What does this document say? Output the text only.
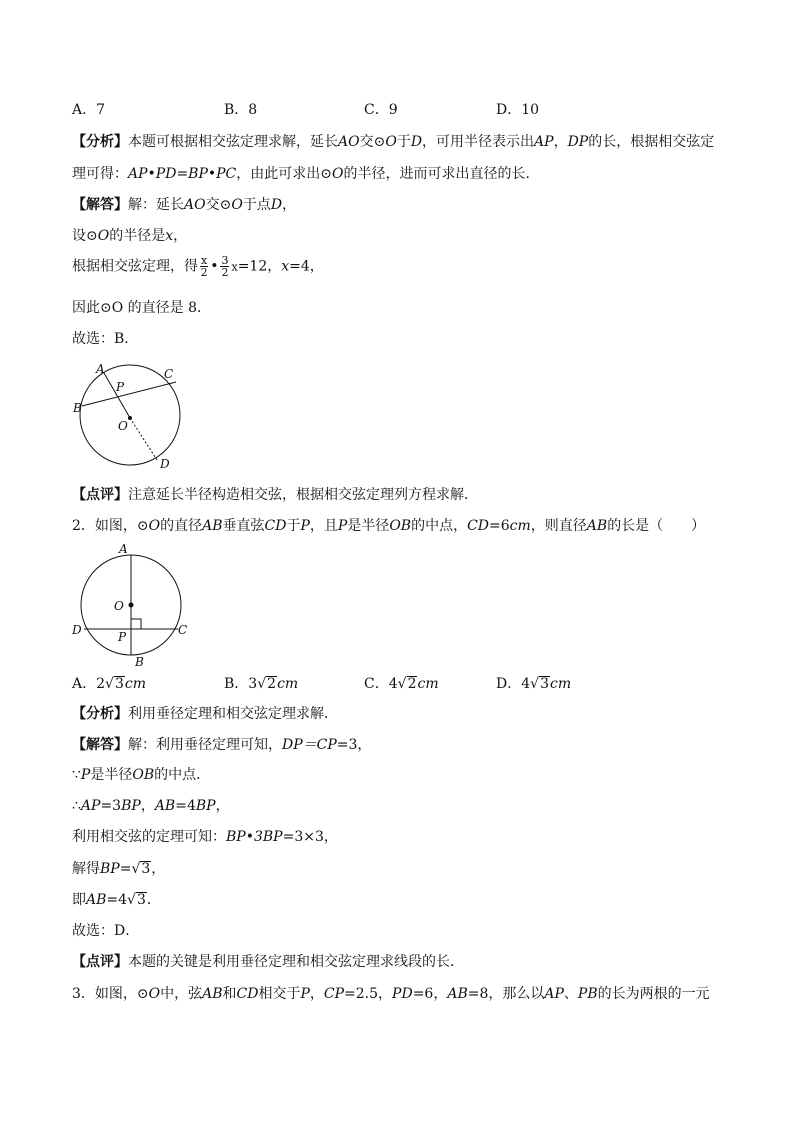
A．7	B．8	C．9	D．10
【分析】本题可根据相交弦定理求解，延长AO交⊙O于D，可用半径表示出AP，DP的长，根据相交弦定
理可得：AP•PD=BP•PC，由此可求出⊙O的半径，进而可求出直径的长．
【解答】解：延长AO交⊙O于点D，
设⊙O的半径是x，
根据相交弦定理，得 $\frac{x}{2}$ • $\frac{3}{2} x=12$，x=4，
因此⊙O 的直径是 8．
故选：B．
A
B
C
D
O
P
【点评】注意延长半径构造相交弦，根据相交弦定理列方程求解．
2．如图，⊙O的直径AB垂直弦CD于P，且P是半径OB的中点，CD=6cm，则直径AB的长是（　　）
A
B
C
D
O
P
A．2√3cm	B．3√2cm	C．4√2cm	D．4√3cm
【分析】利用垂径定理和相交弦定理求解．
【解答】解：利用垂径定理可知，DP＝CP=3，
∵P是半径OB的中点．
∴AP=3BP，AB=4BP，
利用相交弦的定理可知：BP•3BP=3×3，
解得BP=√3，
即AB=4√3．
故选：D．
【点评】本题的关键是利用垂径定理和相交弦定理求线段的长．
3．如图，⊙O中，弦AB和CD相交于P，CP=2.5，PD=6，AB=8，那么以AP、PB的长为两根的一元
